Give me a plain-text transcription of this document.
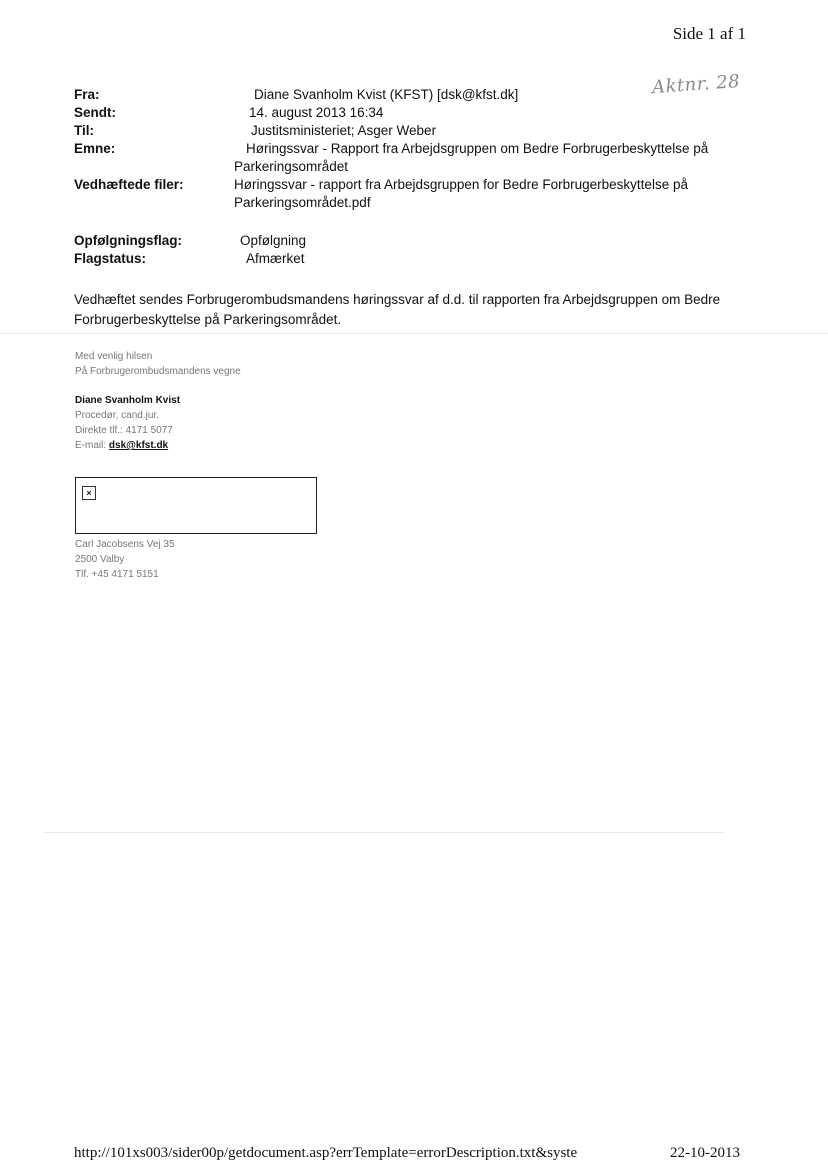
Side 1 af 1
Aktnr. 28
Fra:	Diane Svanholm Kvist (KFST) [dsk@kfst.dk]
Sendt:	14. august 2013 16:34
Til:	Justitsministeriet; Asger Weber
Emne:	Høringssvar - Rapport fra Arbejdsgruppen om Bedre Forbrugerbeskyttelse på Parkeringsområdet
Vedhæftede filer:	Høringssvar - rapport fra Arbejdsgruppen for Bedre Forbrugerbeskyttelse på Parkeringsområdet.pdf
Opfølgningsflag:	Opfølgning
Flagstatus:	Afmærket
Vedhæftet sendes Forbrugerombudsmandens høringssvar af d.d. til rapporten fra Arbejdsgruppen om Bedre Forbrugerbeskyttelse på Parkeringsområdet.
Med venlig hilsen
På Forbrugerombudsmandens vegne
Diane Svanholm Kvist
Procedør, cand.jur.
Direkte tlf.: 4171 5077
E-mail: dsk@kfst.dk
×
Carl Jacobsens Vej 35
2500 Valby
Tlf. +45 4171 5151
http://101xs003/sider00p/getdocument.asp?errTemplate=errorDescription.txt&syste	22-10-2013
